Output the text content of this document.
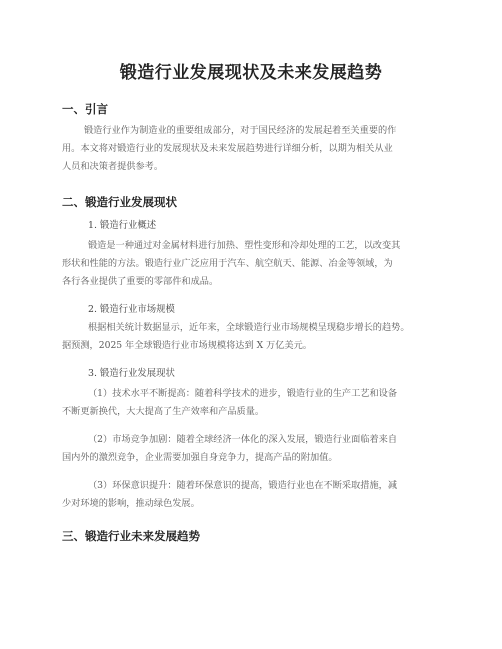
锻造行业发展现状及未来发展趋势
一、引言
锻造行业作为制造业的重要组成部分，对于国民经济的发展起着至关重要的作
用。本文将对锻造行业的发展现状及未来发展趋势进行详细分析，以期为相关从业
人员和决策者提供参考。
二、锻造行业发展现状
1. 锻造行业概述
锻造是一种通过对金属材料进行加热、塑性变形和冷却处理的工艺，以改变其
形状和性能的方法。锻造行业广泛应用于汽车、航空航天、能源、冶金等领域，为
各行各业提供了重要的零部件和成品。
2. 锻造行业市场规模
根据相关统计数据显示，近年来，全球锻造行业市场规模呈现稳步增长的趋势。
据预测，2025 年全球锻造行业市场规模将达到 X 万亿美元。
3. 锻造行业发展现状
（1）技术水平不断提高：随着科学技术的进步，锻造行业的生产工艺和设备
不断更新换代，大大提高了生产效率和产品质量。
（2）市场竞争加剧：随着全球经济一体化的深入发展，锻造行业面临着来自
国内外的激烈竞争，企业需要加强自身竞争力，提高产品的附加值。
（3）环保意识提升：随着环保意识的提高，锻造行业也在不断采取措施，减
少对环境的影响，推动绿色发展。
三、锻造行业未来发展趋势
